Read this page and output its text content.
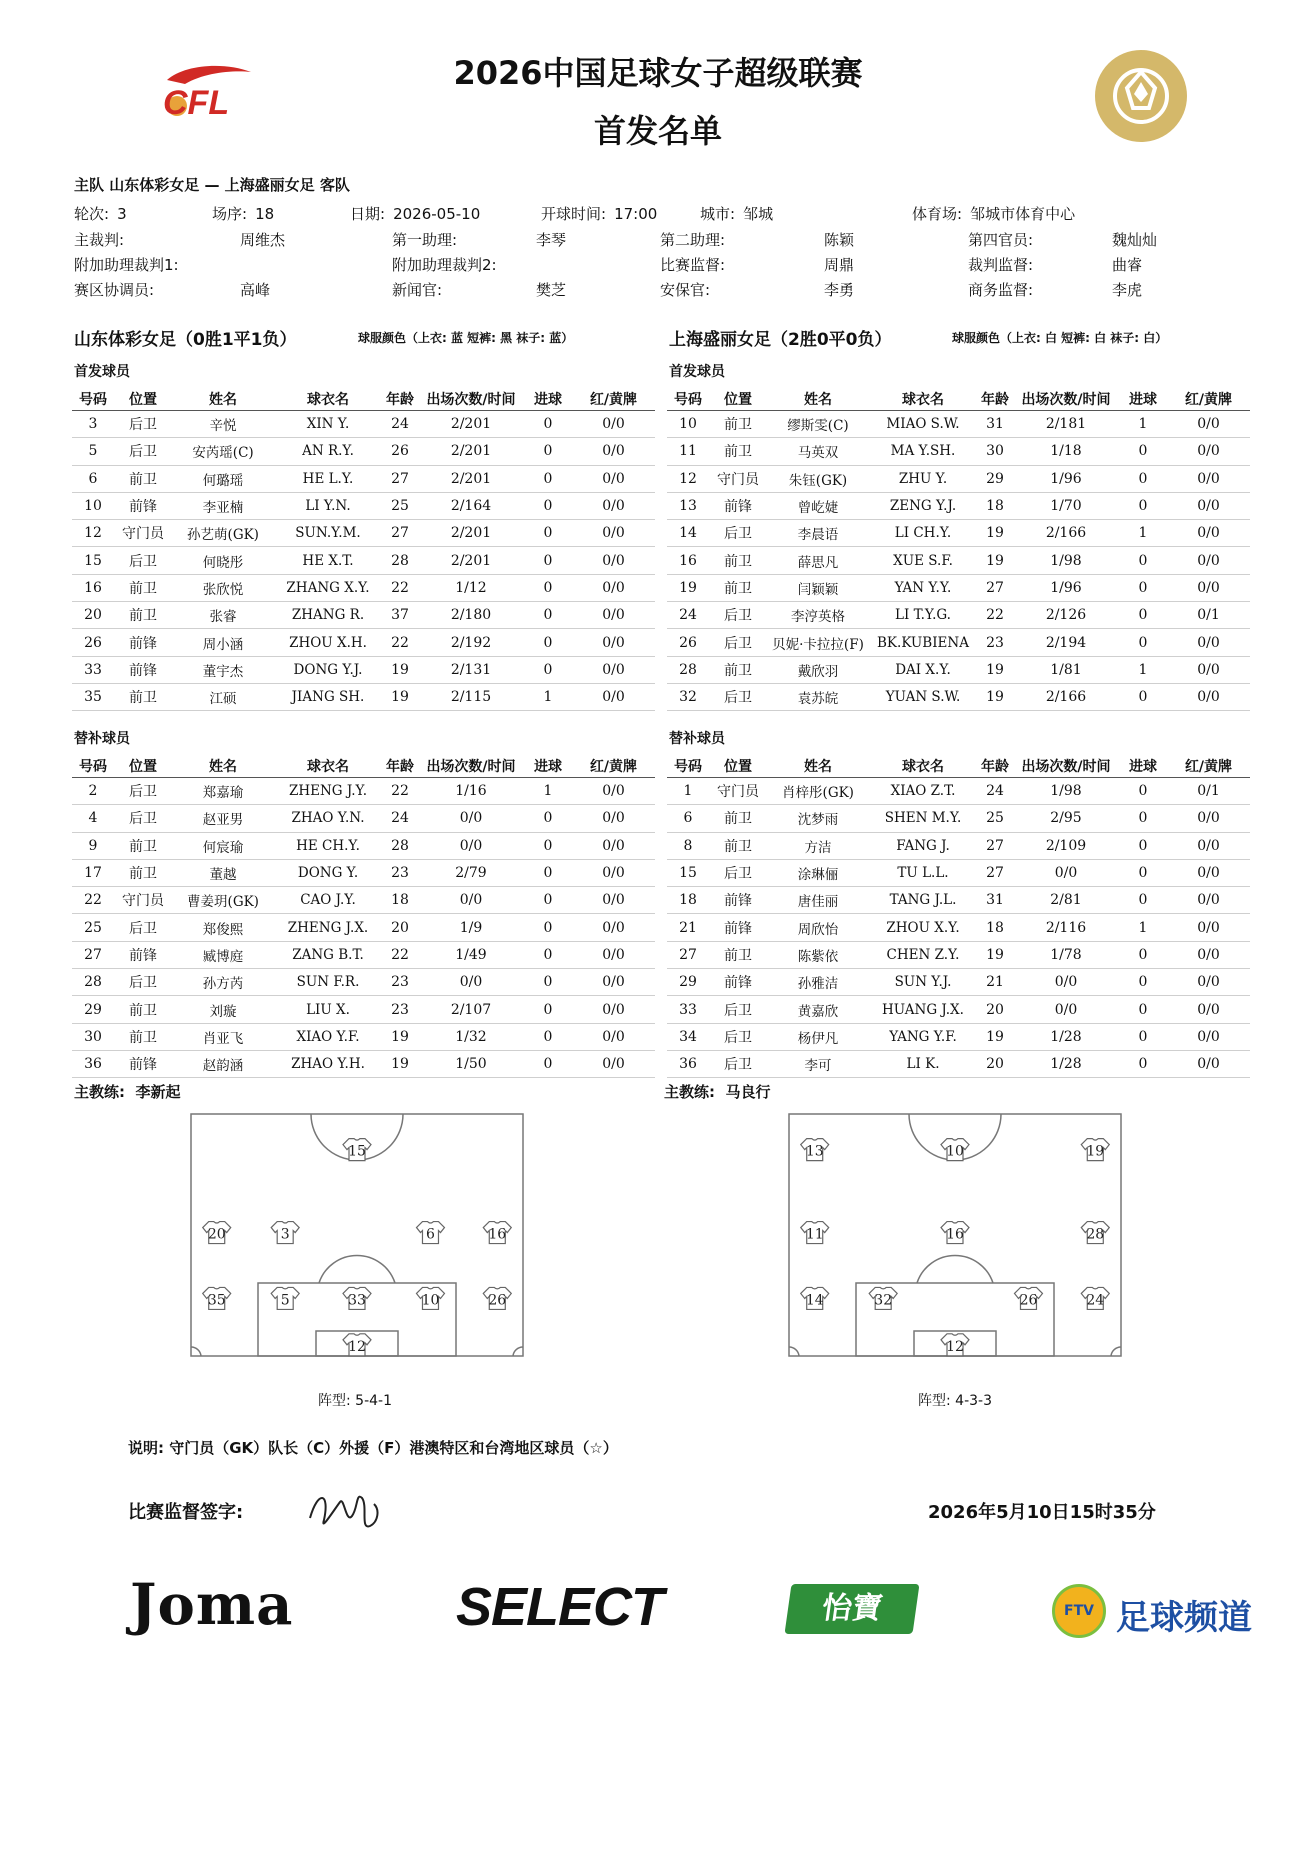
CFL
2026中国足球女子超级联赛
首发名单
主队 山东体彩女足 — 上海盛丽女足 客队
轮次: 3	场序: 18	日期: 2026-05-10	开球时间: 17:00	城市: 邹城	体育场: 邹城市体育中心
主裁判:	周维杰	第一助理:	李琴	第二助理:	陈颖	第四官员:	魏灿灿
附加助理裁判1:	附加助理裁判2:	比赛监督:	周鼎	裁判监督:	曲睿
赛区协调员:	高峰	新闻官:	樊芝	安保官:	李勇	商务监督:	李虎
山东体彩女足（0胜1平1负）	球服颜色（上衣: 蓝 短裤: 黑 袜子: 蓝）	上海盛丽女足（2胜0平0负）	球服颜色（上衣: 白 短裤: 白 袜子: 白）
首发球员	首发球员
替补球员	替补球员
号码	位置	姓名	球衣名	年龄	出场次数/时间	进球	红/黄牌
3	后卫	辛悦	XIN Y.	24	2/201	0	0/0
5	后卫	安芮瑶(C)	AN R.Y.	26	2/201	0	0/0
6	前卫	何璐瑶	HE L.Y.	27	2/201	0	0/0
10	前锋	李亚楠	LI Y.N.	25	2/164	0	0/0
12	守门员	孙艺萌(GK)	SUN.Y.M.	27	2/201	0	0/0
15	后卫	何晓彤	HE X.T.	28	2/201	0	0/0
16	前卫	张欣悦	ZHANG X.Y.	22	1/12	0	0/0
20	前卫	张睿	ZHANG R.	37	2/180	0	0/0
26	前锋	周小涵	ZHOU X.H.	22	2/192	0	0/0
33	前锋	董宇杰	DONG Y.J.	19	2/131	0	0/0
35	前卫	江硕	JIANG SH.	19	2/115	1	0/0
号码	位置	姓名	球衣名	年龄	出场次数/时间	进球	红/黄牌
10	前卫	缪斯雯(C)	MIAO S.W.	31	2/181	1	0/0
11	前卫	马英双	MA Y.SH.	30	1/18	0	0/0
12	守门员	朱钰(GK)	ZHU Y.	29	1/96	0	0/0
13	前锋	曾屹婕	ZENG Y.J.	18	1/70	0	0/0
14	后卫	李晨语	LI CH.Y.	19	2/166	1	0/0
16	前卫	薛思凡	XUE S.F.	19	1/98	0	0/0
19	前卫	闫颖颖	YAN Y.Y.	27	1/96	0	0/0
24	后卫	李涥英格	LI T.Y.G.	22	2/126	0	0/1
26	后卫	贝妮·卡拉拉(F)	BK.KUBIENA	23	2/194	0	0/0
28	前卫	戴欣羽	DAI X.Y.	19	1/81	1	0/0
32	后卫	袁苏皖	YUAN S.W.	19	2/166	0	0/0
号码	位置	姓名	球衣名	年龄	出场次数/时间	进球	红/黄牌
2	后卫	郑嘉瑜	ZHENG J.Y.	22	1/16	1	0/0
4	后卫	赵亚男	ZHAO Y.N.	24	0/0	0	0/0
9	前卫	何宸瑜	HE CH.Y.	28	0/0	0	0/0
17	前卫	董越	DONG Y.	23	2/79	0	0/0
22	守门员	曹姜玥(GK)	CAO J.Y.	18	0/0	0	0/0
25	后卫	郑俊熙	ZHENG J.X.	20	1/9	0	0/0
27	前锋	臧博庭	ZANG B.T.	22	1/49	0	0/0
28	后卫	孙方芮	SUN F.R.	23	0/0	0	0/0
29	前卫	刘璇	LIU X.	23	2/107	0	0/0
30	前卫	肖亚飞	XIAO Y.F.	19	1/32	0	0/0
36	前锋	赵韵涵	ZHAO Y.H.	19	1/50	0	0/0
号码	位置	姓名	球衣名	年龄	出场次数/时间	进球	红/黄牌
1	守门员	肖梓彤(GK)	XIAO Z.T.	24	1/98	0	0/1
6	前卫	沈梦雨	SHEN M.Y.	25	2/95	0	0/0
8	前卫	方洁	FANG J.	27	2/109	0	0/0
15	后卫	涂琳俪	TU L.L.	27	0/0	0	0/0
18	前锋	唐佳丽	TANG J.L.	31	2/81	0	0/0
21	前锋	周欣怡	ZHOU X.Y.	18	2/116	1	0/0
27	前卫	陈紫依	CHEN Z.Y.	19	1/78	0	0/0
29	前锋	孙雅洁	SUN Y.J.	21	0/0	0	0/0
33	后卫	黄嘉欣	HUANG J.X.	20	0/0	0	0/0
34	后卫	杨伊凡	YANG Y.F.	19	1/28	0	0/0
36	后卫	李可	LI K.	20	1/28	0	0/0
主教练: 李新起	主教练: 马良行
15
20	3	6	16
35	5	33	10	26
12
13	10	19
11	16	28
14	32	26	24
12
阵型: 5-4-1	阵型: 4-3-3
说明: 守门员（GK）队长（C）外援（F）港澳特区和台湾地区球员（☆）
比赛监督签字:	2026年5月10日15时35分
Joma	SELECT	怡寶	FTV 足球频道
